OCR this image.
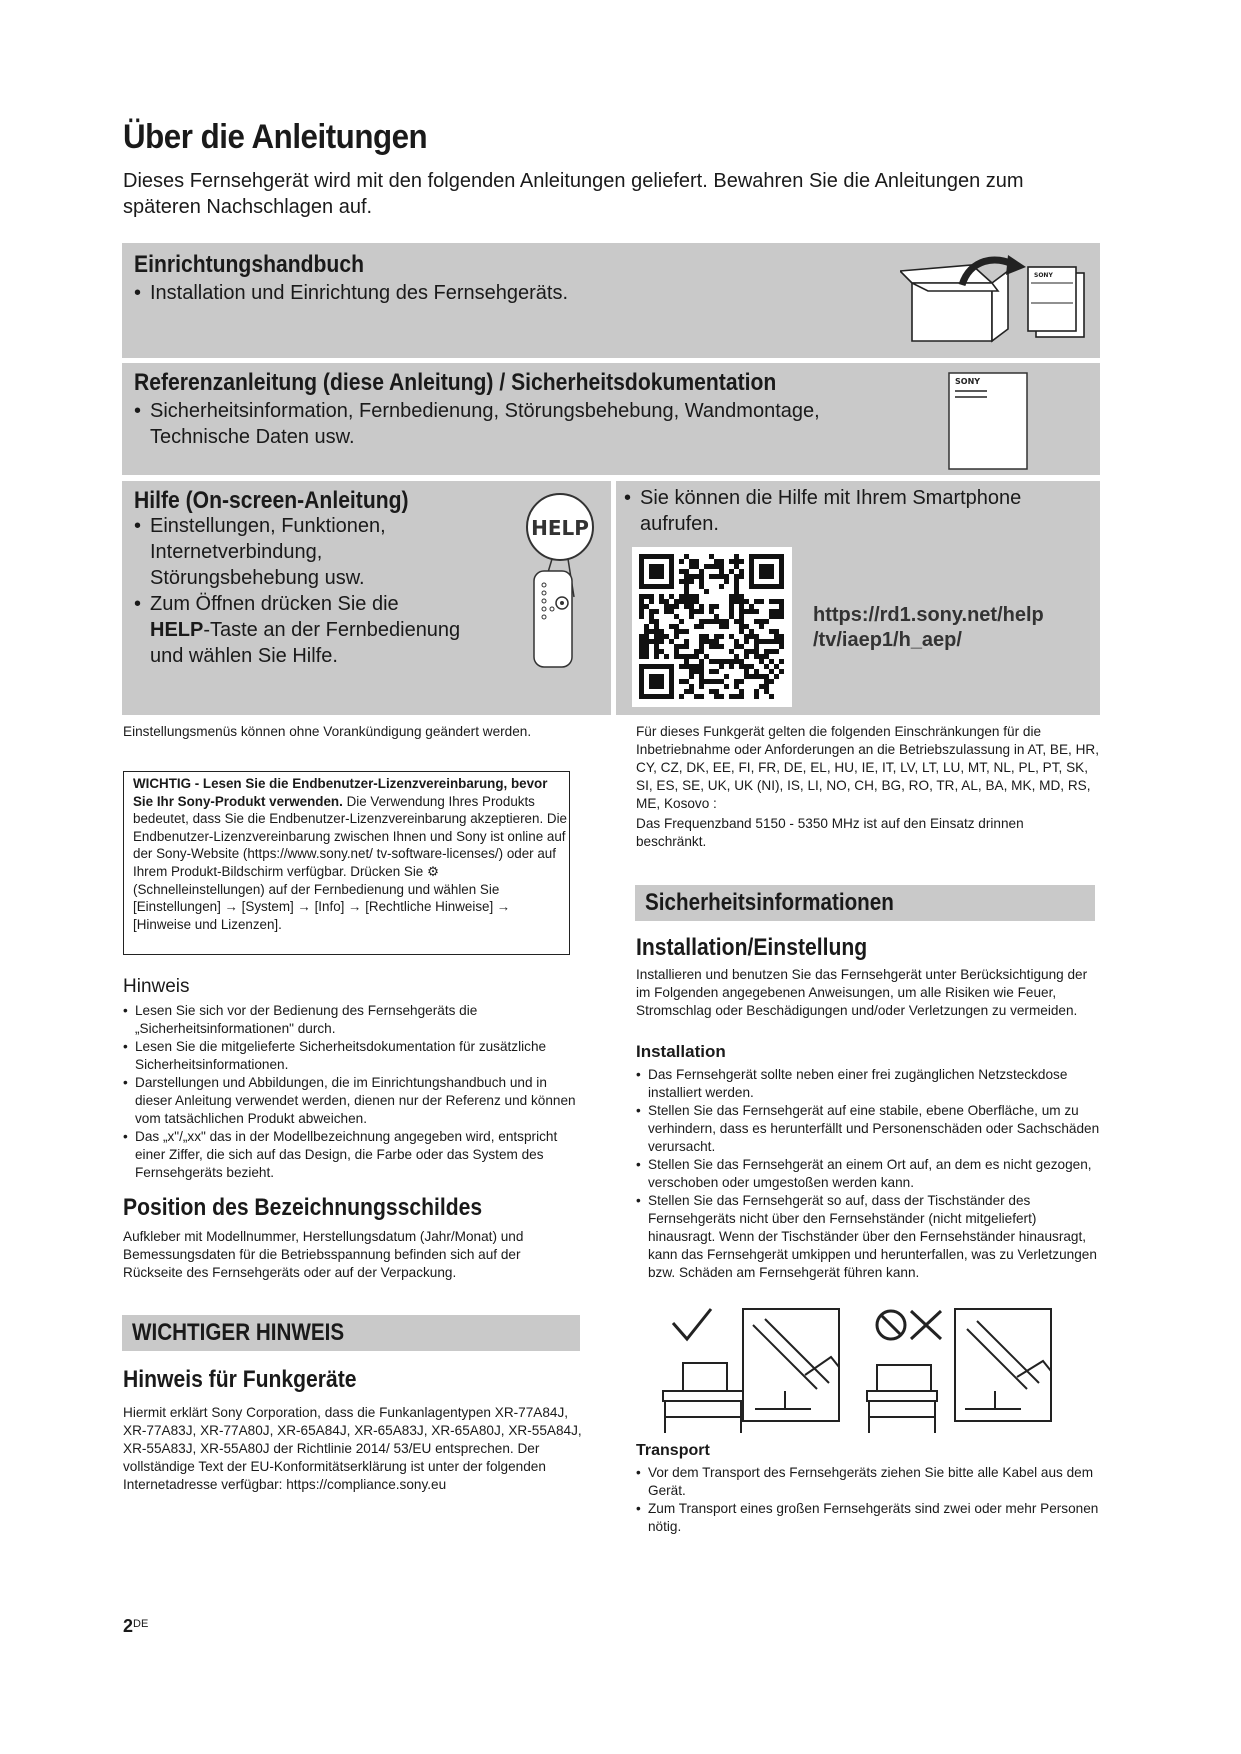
Über die Anleitungen

Dieses Fernsehgerät wird mit den folgenden Anleitungen geliefert. Bewahren Sie die Anleitungen zum späteren Nachschlagen auf.

Einrichtungshandbuch
• Installation und Einrichtung des Fernsehgeräts.
SONY
Referenzanleitung (diese Anleitung) / Sicherheitsdokumentation
• Sicherheitsinformation, Fernbedienung, Störungsbehebung, Wandmontage, Technische Daten usw.
SONY
Hilfe (On-screen-Anleitung)
• Einstellungen, Funktionen, Internetverbindung, Störungsbehebung usw.
• Zum Öffnen drücken Sie die HELP-Taste an der Fernbedienung und wählen Sie Hilfe.
HELP
• Sie können die Hilfe mit Ihrem Smartphone aufrufen.
https://rd1.sony.net/help
/tv/iaep1/h_aep/
Einstellungsmenüs können ohne Vorankündigung geändert werden.
WICHTIG - Lesen Sie die Endbenutzer-Lizenzvereinbarung, bevor Sie Ihr Sony-Produkt verwenden. Die Verwendung Ihres Produkts bedeutet, dass Sie die Endbenutzer-Lizenzvereinbarung akzeptieren. Die Endbenutzer-Lizenzvereinbarung zwischen Ihnen und Sony ist online auf der Sony-Website (https://www.sony.net/ tv-software-licenses/) oder auf Ihrem Produkt-Bildschirm verfügbar. Drücken Sie ⚙ (Schnelleinstellungen) auf der Fernbedienung und wählen Sie [Einstellungen] → [System] → [Info] → [Rechtliche Hinweise] → [Hinweise und Lizenzen].
Hinweis
• Lesen Sie sich vor der Bedienung des Fernsehgeräts die „Sicherheitsinformationen" durch.
• Lesen Sie die mitgelieferte Sicherheitsdokumentation für zusätzliche Sicherheitsinformationen.
• Darstellungen und Abbildungen, die im Einrichtungshandbuch und in dieser Anleitung verwendet werden, dienen nur der Referenz und können vom tatsächlichen Produkt abweichen.
• Das „x"/„xx" das in der Modellbezeichnung angegeben wird, entspricht einer Ziffer, die sich auf das Design, die Farbe oder das System des Fernsehgeräts bezieht.
Position des Bezeichnungsschildes
Aufkleber mit Modellnummer, Herstellungsdatum (Jahr/Monat) und Bemessungsdaten für die Betriebsspannung befinden sich auf der Rückseite des Fernsehgeräts oder auf der Verpackung.
WICHTIGER HINWEIS
Hinweis für Funkgeräte
Hiermit erklärt Sony Corporation, dass die Funkanlagentypen XR-77A84J, XR-77A83J, XR-77A80J, XR-65A84J, XR-65A83J, XR-65A80J, XR-55A84J, XR-55A83J, XR-55A80J der Richtlinie 2014/ 53/EU entsprechen. Der vollständige Text der EU-Konformitätserklärung ist unter der folgenden Internetadresse verfügbar: https://compliance.sony.eu
Für dieses Funkgerät gelten die folgenden Einschränkungen für die Inbetriebnahme oder Anforderungen an die Betriebszulassung in AT, BE, HR, CY, CZ, DK, EE, FI, FR, DE, EL, HU, IE, IT, LV, LT, LU, MT, NL, PL, PT, SK, SI, ES, SE, UK, UK (NI), IS, LI, NO, CH, BG, RO, TR, AL, BA, MK, MD, RS, ME, Kosovo :
Das Frequenzband 5150 - 5350 MHz ist auf den Einsatz drinnen beschränkt.
Sicherheitsinformationen
Installation/Einstellung
Installieren und benutzen Sie das Fernsehgerät unter Berücksichtigung der im Folgenden angegebenen Anweisungen, um alle Risiken wie Feuer, Stromschlag oder Beschädigungen und/oder Verletzungen zu vermeiden.
Installation
• Das Fernsehgerät sollte neben einer frei zugänglichen Netzsteckdose installiert werden.
• Stellen Sie das Fernsehgerät auf eine stabile, ebene Oberfläche, um zu verhindern, dass es herunterfällt und Personenschäden oder Sachschäden verursacht.
• Stellen Sie das Fernsehgerät an einem Ort auf, an dem es nicht gezogen, verschoben oder umgestoßen werden kann.
• Stellen Sie das Fernsehgerät so auf, dass der Tischständer des Fernsehgeräts nicht über den Fernsehständer (nicht mitgeliefert) hinausragt. Wenn der Tischständer über den Fernsehständer hinausragt, kann das Fernsehgerät umkippen und herunterfallen, was zu Verletzungen bzw. Schäden am Fernsehgerät führen kann.
Transport
• Vor dem Transport des Fernsehgeräts ziehen Sie bitte alle Kabel aus dem Gerät.
• Zum Transport eines großen Fernsehgeräts sind zwei oder mehr Personen nötig.
2DE
